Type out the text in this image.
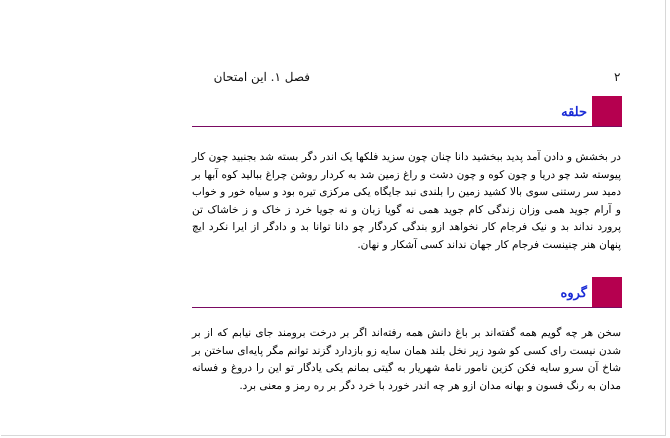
۲
فصل ۱. این امتحان
حلقه

در بخشش و دادن آمد پدید ببخشید دانا چنان چون سزید فلکها یک اندر دگر بسته شد بجنبید چون کار پیوسته شد چو دریا و چون کوه و چون دشت و راغ زمین شد به کردار روشن چراغ ببالید کوه آبها بر دمید سر رستنی سوی بالا کشید زمین را بلندی نبد جایگاه یکی مرکزی تیره بود و سیاه خور و خواب و آرام جوید همی وزان زندگی کام جوید همی نه گویا زبان و نه جویا خرد ز خاک و ز خاشاک تن پرورد نداند بد و نیک فرجام کار نخواهد ازو بندگی کردگار چو دانا توانا بد و دادگر از ایرا نکرد ایچ پنهان هنر چنینست فرجام کار جهان نداند کسی آشکار و نهان.

گروه

سخن هر چه گویم همه گفته‌اند بر باغ دانش همه رفته‌اند اگر بر درخت برومند جای نیابم که از بر شدن نیست رای کسی کو شود زیر نخل بلند همان سایه زو بازدارد گزند توانم مگر پایه‌ای ساختن بر شاخ آن سرو سایه فکن کزین نامور نامهٔ شهریار به گیتی بمانم یکی یادگار تو این را دروغ و فسانه مدان به رنگ فسون و بهانه مدان ازو هر چه اندر خورد با خرد دگر بر ره رمز و معنی برد.
